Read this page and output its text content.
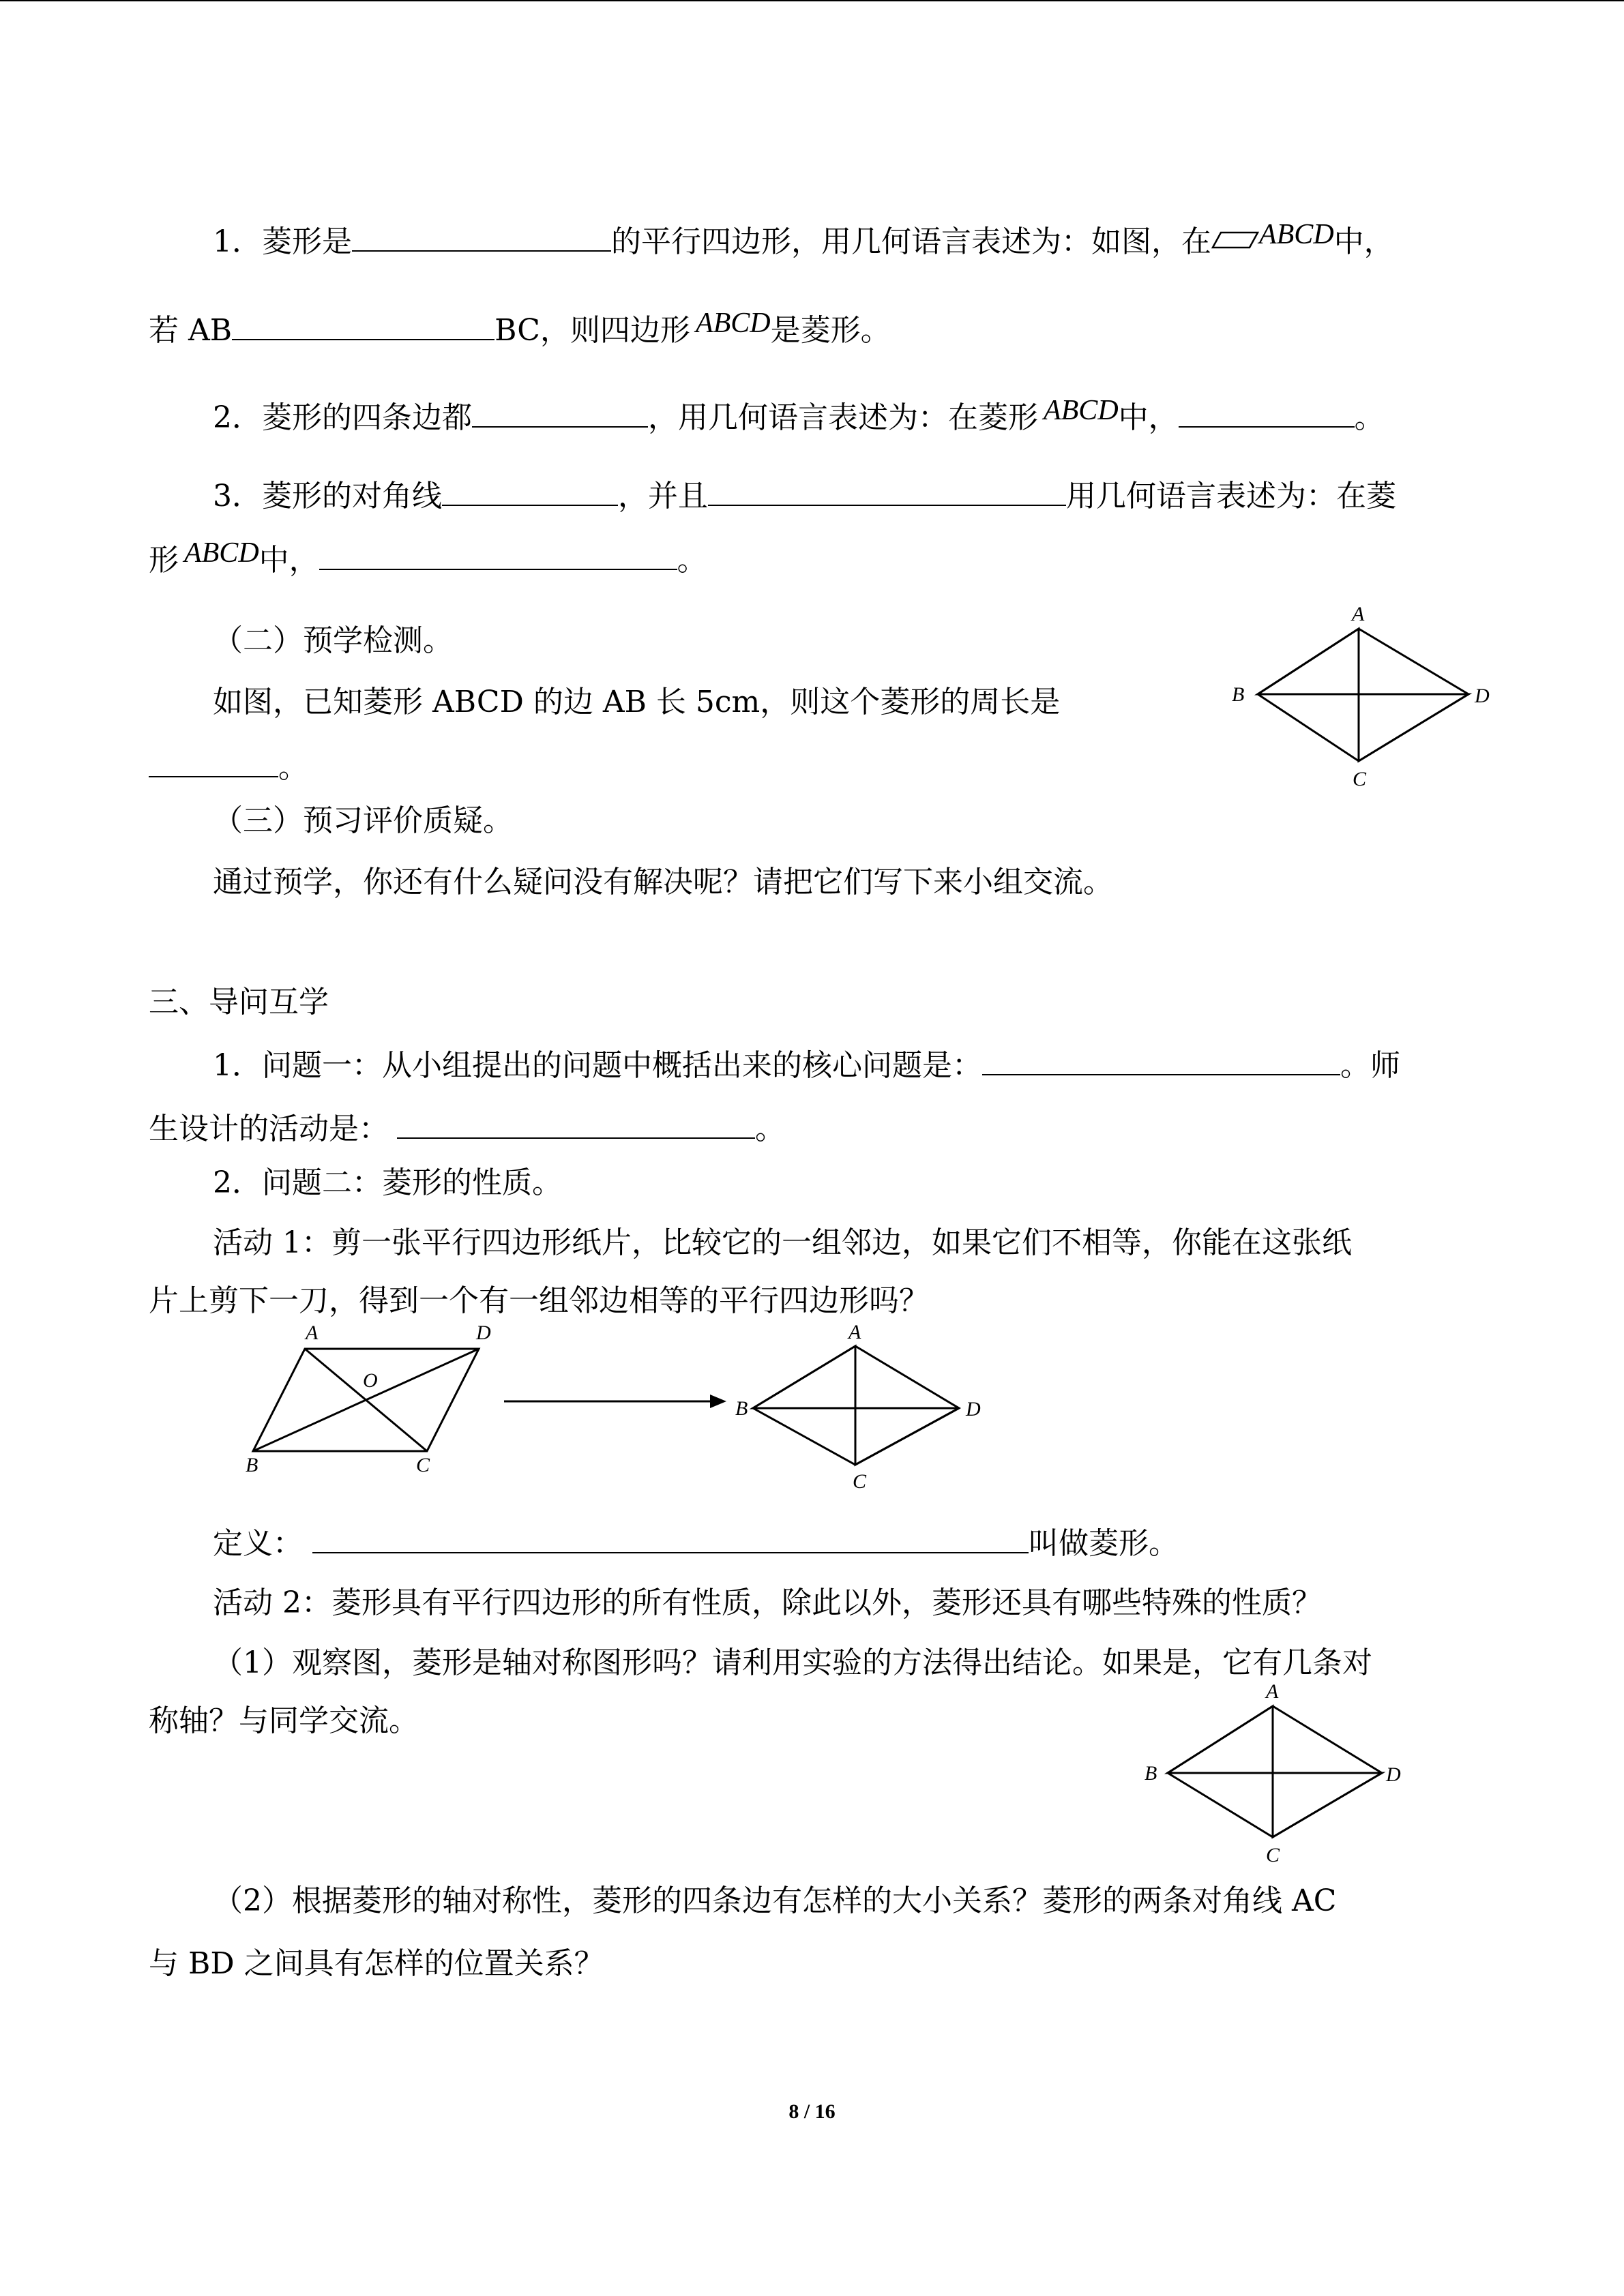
1．菱形是	的平行四边形，用几何语言表述为：如图，在 ABCD中，
若 AB	BC，则四边形 ABCD是菱形。
2．菱形的四条边都	，用几何语言表述为：在菱形 ABCD中，	。
3．菱形的对角线	，并且	用几何语言表述为：在菱
形 ABCD中，	。
（二）预学检测。
如图，已知菱形 ABCD 的边 AB 长 5cm，则这个菱形的周长是
。
A
B	D
C
（三）预习评价质疑。
通过预学，你还有什么疑问没有解决呢？请把它们写下来小组交流。
三、导问互学
1．问题一：从小组提出的问题中概括出来的核心问题是：	。师
生设计的活动是：	。
2．问题二：菱形的性质。
活动 1：剪一张平行四边形纸片，比较它的一组邻边，如果它们不相等，你能在这张纸
片上剪下一刀，得到一个有一组邻边相等的平行四边形吗？
A	D
O
B	C
A
B	D
C
定义：	叫做菱形。
活动 2：菱形具有平行四边形的所有性质，除此以外，菱形还具有哪些特殊的性质？
（1）观察图，菱形是轴对称图形吗？请利用实验的方法得出结论。如果是，它有几条对
称轴？与同学交流。
A
B	D
C
（2）根据菱形的轴对称性，菱形的四条边有怎样的大小关系？菱形的两条对角线 AC
与 BD 之间具有怎样的位置关系？
8 / 16
